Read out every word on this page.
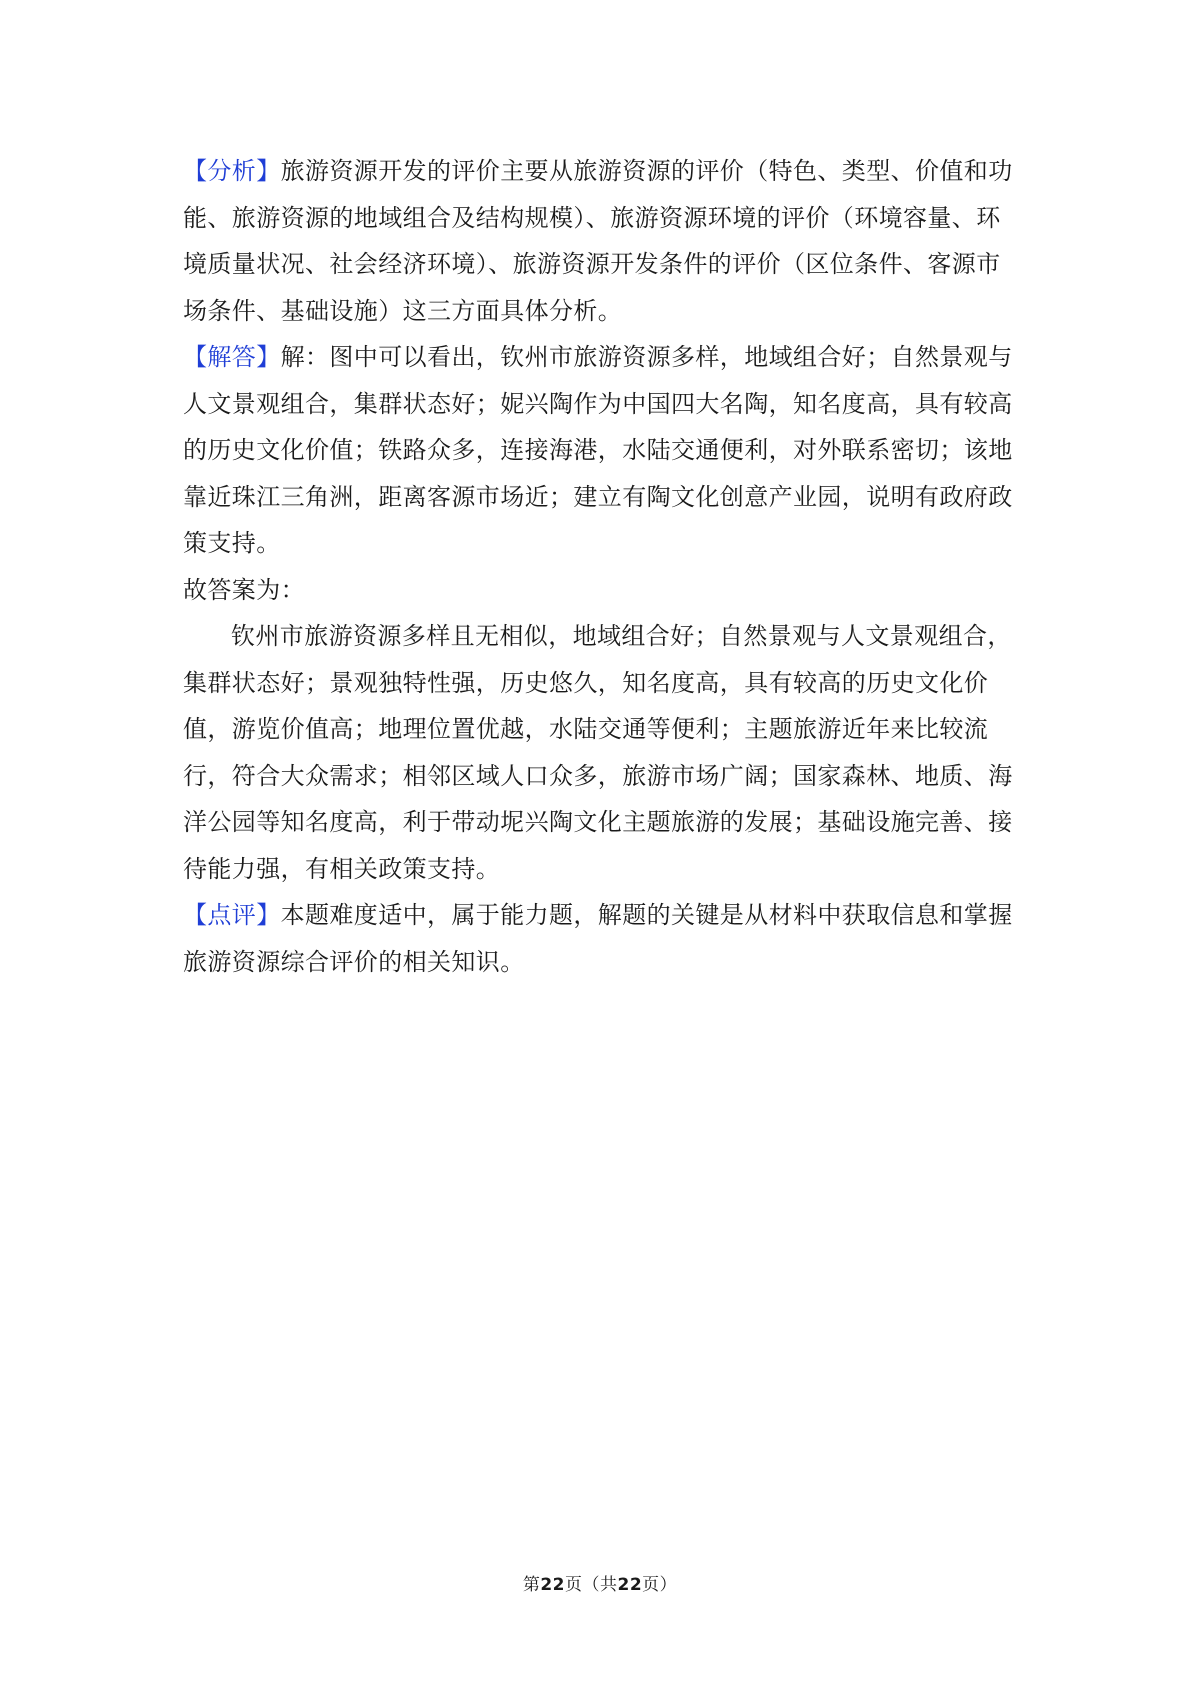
【分析】旅游资源开发的评价主要从旅游资源的评价（特色、类型、价值和功能、旅游资源的地域组合及结构规模）、旅游资源环境的评价（环境容量、环境质量状况、社会经济环境）、旅游资源开发条件的评价（区位条件、客源市场条件、基础设施）这三方面具体分析。

【解答】解：图中可以看出，钦州市旅游资源多样，地域组合好；自然景观与人文景观组合，集群状态好；妮兴陶作为中国四大名陶，知名度高，具有较高的历史文化价值；铁路众多，连接海港，水陆交通便利，对外联系密切；该地靠近珠江三角洲，距离客源市场近；建立有陶文化创意产业园，说明有政府政策支持。

故答案为：

钦州市旅游资源多样且无相似，地域组合好；自然景观与人文景观组合，集群状态好；景观独特性强，历史悠久，知名度高，具有较高的历史文化价值，游览价值高；地理位置优越，水陆交通等便利；主题旅游近年来比较流行，符合大众需求；相邻区域人口众多，旅游市场广阔；国家森林、地质、海洋公园等知名度高，利于带动坭兴陶文化主题旅游的发展；基础设施完善、接待能力强，有相关政策支持。

【点评】本题难度适中，属于能力题，解题的关键是从材料中获取信息和掌握旅游资源综合评价的相关知识。

第22页（共22页）
